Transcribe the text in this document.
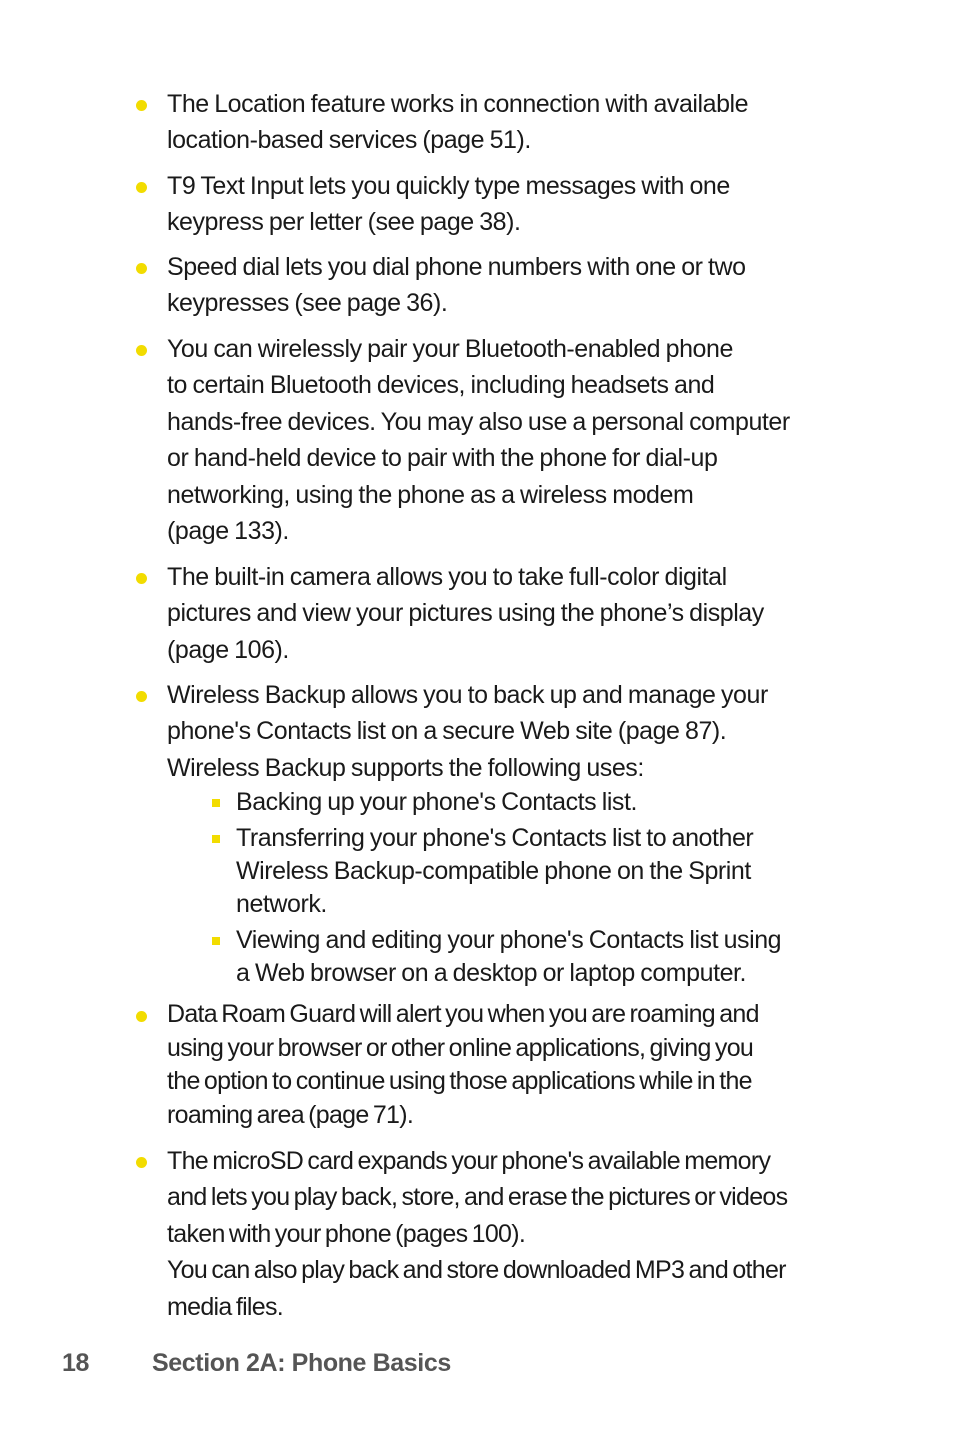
The Location feature works in connection with available
location-based services (page 51).
T9 Text Input lets you quickly type messages with one
keypress per letter (see page 38).
Speed dial lets you dial phone numbers with one or two
keypresses (see page 36).
You can wirelessly pair your Bluetooth-enabled phone
to certain Bluetooth devices, including headsets and
hands-free devices. You may also use a personal computer
or hand-held device to pair with the phone for dial-up
networking, using the phone as a wireless modem
(page 133).
The built-in camera allows you to take full-color digital
pictures and view your pictures using the phone’s display
(page 106).
Wireless Backup allows you to back up and manage your
phone's Contacts list on a secure Web site (page 87).
Wireless Backup supports the following uses:
Backing up your phone's Contacts list.
Transferring your phone's Contacts list to another
Wireless Backup-compatible phone on the Sprint
network.
Viewing and editing your phone's Contacts list using
a Web browser on a desktop or laptop computer.
Data Roam Guard will alert you when you are roaming and
using your browser or other online applications, giving you
the option to continue using those applications while in the
roaming area (page 71).
The microSD card expands your phone's available memory
and lets you play back, store, and erase the pictures or videos
taken with your phone (pages 100).
You can also play back and store downloaded MP3 and other
media files.
18	Section 2A: Phone Basics
